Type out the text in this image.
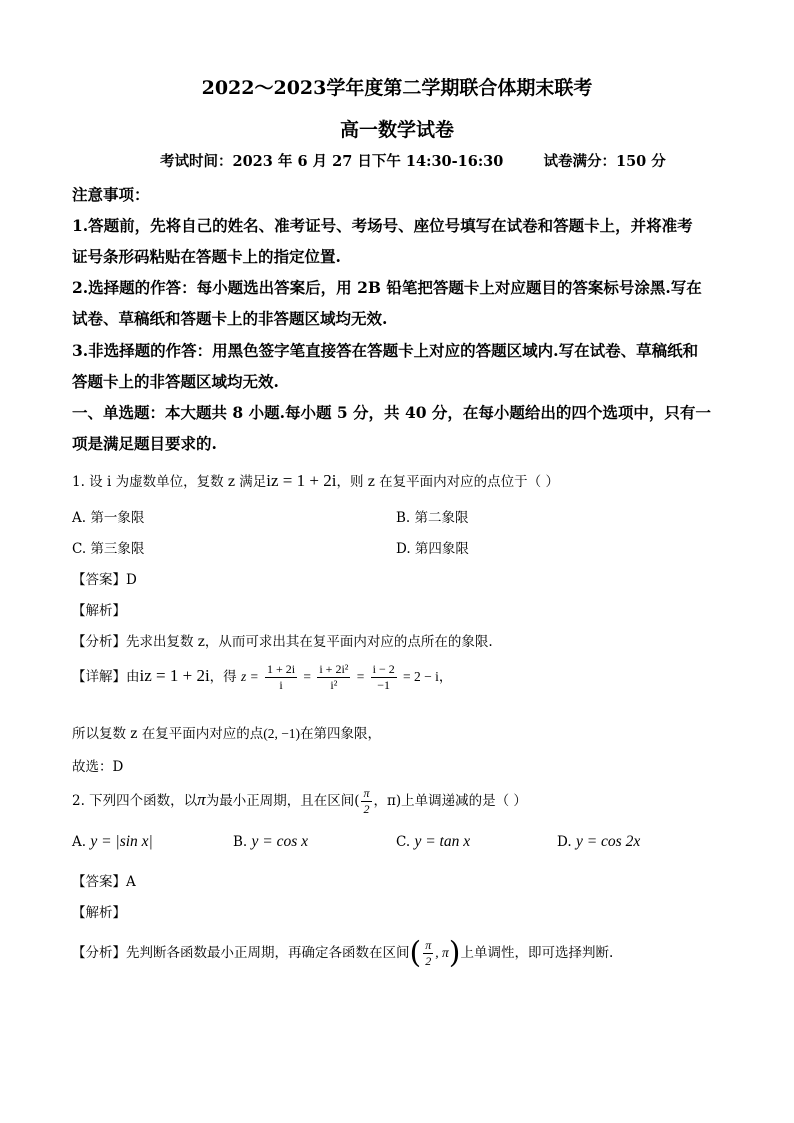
2022～2023学年度第二学期联合体期末联考
高一数学试卷
考试时间：2023 年 6 月 27 日下午 14:30-16:30	试卷满分：150 分
注意事项：
1.答题前，先将自己的姓名、准考证号、考场号、座位号填写在试卷和答题卡上，并将准考
证号条形码粘贴在答题卡上的指定位置.
2.选择题的作答：每小题选出答案后，用 2B 铅笔把答题卡上对应题目的答案标号涂黑.写在
试卷、草稿纸和答题卡上的非答题区域均无效.
3.非选择题的作答：用黑色签字笔直接答在答题卡上对应的答题区域内.写在试卷、草稿纸和
答题卡上的非答题区域均无效.
一、单选题：本大题共 8 小题.每小题 5 分，共 40 分，在每小题给出的四个选项中，只有一
项是满足题目要求的.
1. 设 i 为虚数单位，复数 z 满足iz = 1 + 2i，则 z 在复平面内对应的点位于（ ）
A. 第一象限	B. 第二象限
C. 第三象限	D. 第四象限
【答案】D
【解析】
【分析】先求出复数 z，从而可求出其在复平面内对应的点所在的象限.
【详解】由iz = 1 + 2i，得 $z = \frac{1 + 2i}{i} = \frac{\text{i + 2i²}}{\text{i²}} = \frac{i - 2}{-1} = 2 - i$，
所以复数 z 在复平面内对应的点(2, −1)在第四象限，
故选：D
2. 下列四个函数，以π为最小正周期，且在区间( $\frac{\pi}{2}$ ，π)上单调递减的是（ ）
A. y = |sin x|	B. y = cos x	C. y = tan x	D. y = cos 2x
【答案】A
【解析】
【分析】先判断各函数最小正周期，再确定各函数在区间( $\frac{\pi}{2}$ , π)上单调性，即可选择判断.
